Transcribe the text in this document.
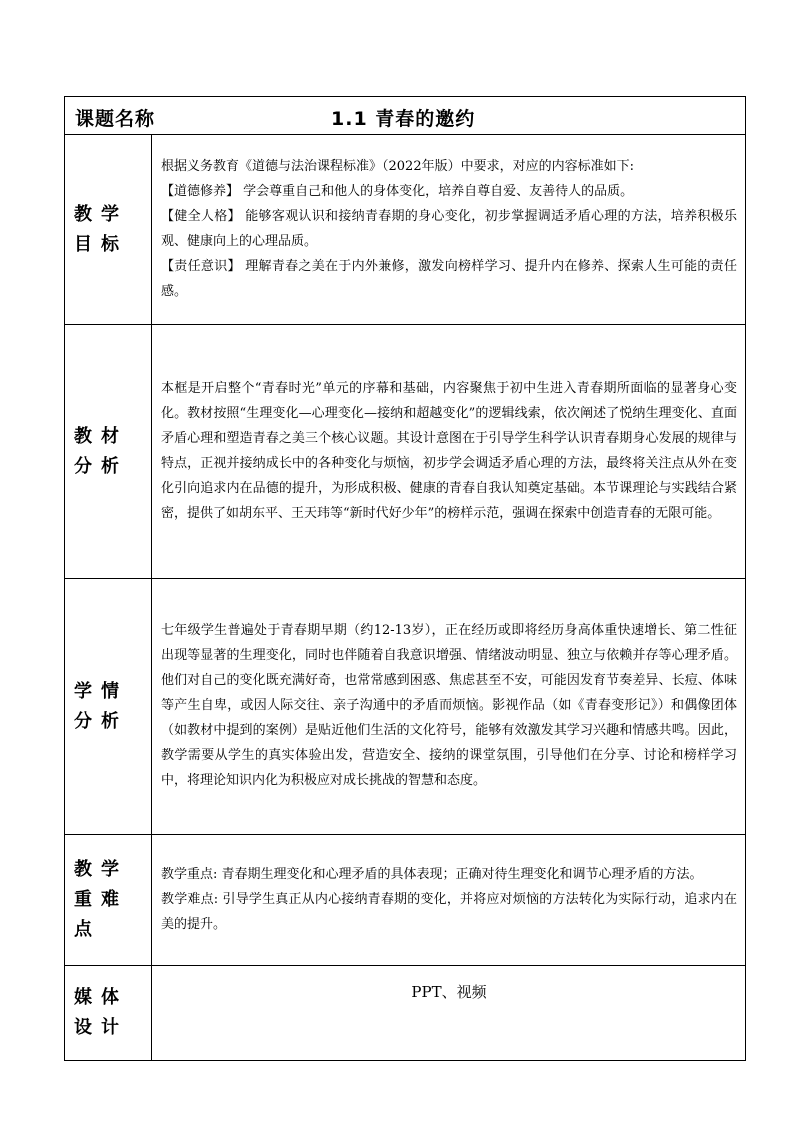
课题名称 1.1 青春的邀约	

教学目标	根据义务教育《道德与法治课程标准》（2022年版）中要求，对应的内容标准如下:

【道德修养】 学会尊重自己和他人的身体变化，培养自尊自爱、友善待人的品质。

【健全人格】 能够客观认识和接纳青春期的身心变化，初步掌握调适矛盾心理的方法，培养积极乐观、健康向上的心理品质。

【责任意识】 理解青春之美在于内外兼修，激发向榜样学习、提升内在修养、探索人生可能的责任感。

教材分析	本框是开启整个“青春时光”单元的序幕和基础，内容聚焦于初中生进入青春期所面临的显著身心变化。教材按照“生理变化—心理变化—接纳和超越变化”的逻辑线索，依次阐述了悦纳生理变化、直面矛盾心理和塑造青春之美三个核心议题。其设计意图在于引导学生科学认识青春期身心发展的规律与特点，正视并接纳成长中的各种变化与烦恼，初步学会调适矛盾心理的方法，最终将关注点从外在变化引向追求内在品德的提升，为形成积极、健康的青春自我认知奠定基础。本节课理论与实践结合紧密，提供了如胡东平、王天玮等“新时代好少年”的榜样示范，强调在探索中创造青春的无限可能。

学情分析	七年级学生普遍处于青春期早期（约12-13岁），正在经历或即将经历身高体重快速增长、第二性征出现等显著的生理变化，同时也伴随着自我意识增强、情绪波动明显、独立与依赖并存等心理矛盾。他们对自己的变化既充满好奇，也常常感到困惑、焦虑甚至不安，可能因发育节奏差异、长痘、体味等产生自卑，或因人际交往、亲子沟通中的矛盾而烦恼。影视作品（如《青春变形记》）和偶像团体（如教材中提到的案例）是贴近他们生活的文化符号，能够有效激发其学习兴趣和情感共鸣。因此，教学需要从学生的真实体验出发，营造安全、接纳的课堂氛围，引导他们在分享、讨论和榜样学习中，将理论知识内化为积极应对成长挑战的智慧和态度。

教学重难点	教学重点: 青春期生理变化和心理矛盾的具体表现；正确对待生理变化和调节心理矛盾的方法。

教学难点: 引导学生真正从内心接纳青春期的变化，并将应对烦恼的方法转化为实际行动，追求内在美的提升。

媒体设计	PPT、视频
